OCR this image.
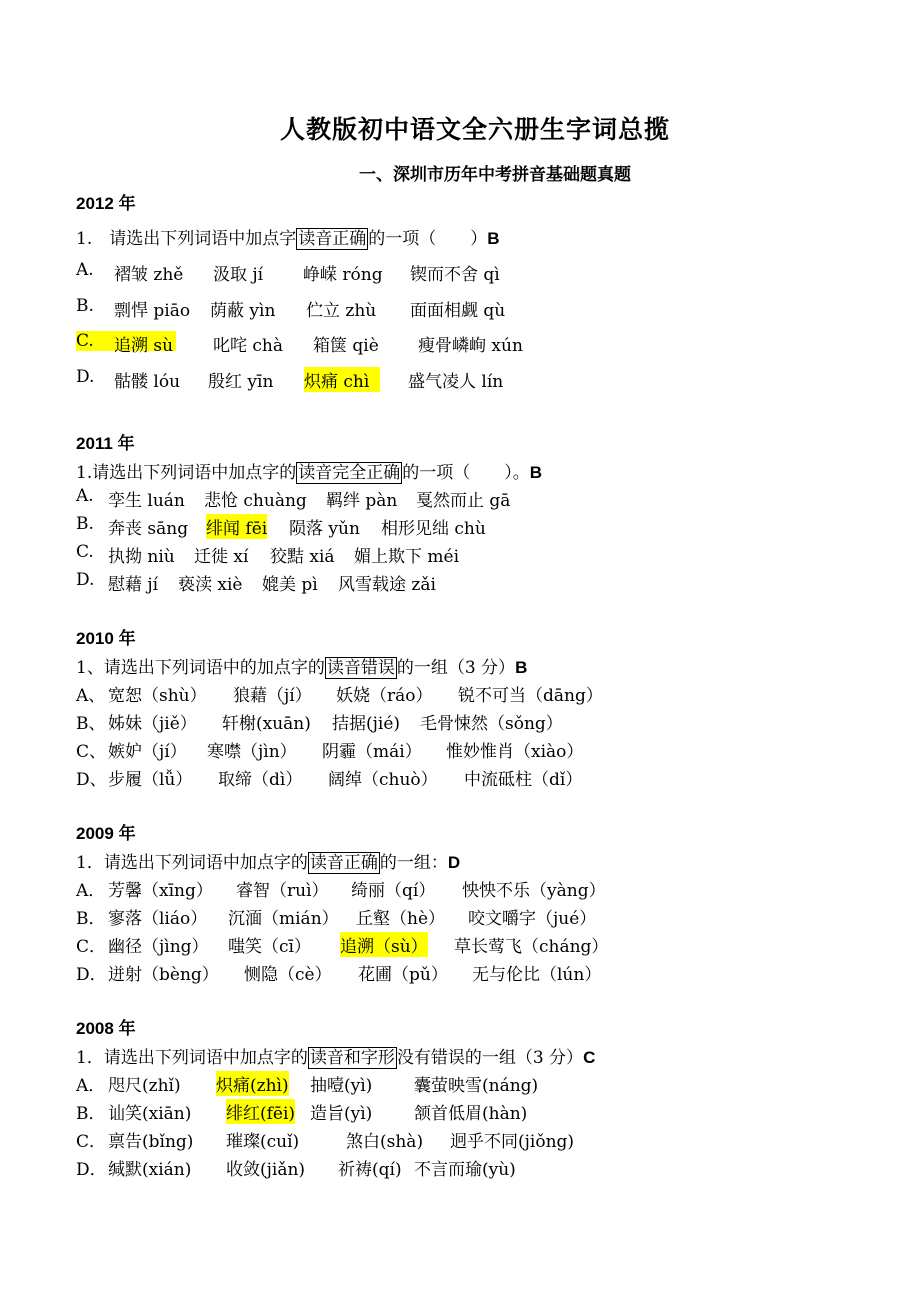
人教版初中语文全六册生字词总揽
一、深圳市历年中考拼音基础题真题
2012 年
1.　请选出下列词语中加点字 读音正确 的一项（　　）B
A. 褶皱 zhě 汲取 jí 峥嵘 róng 锲而不舍 qì
B. 剽悍 piāo 荫蔽 yìn 伫立 zhù 面面相觑 qù
C. 追溯 sù 叱咤 chà 箱箧 qiè 瘦骨嶙峋 xún
D. 骷髅 lóu 殷红 yīn 炽痛 chì	盛气凌人 lín
2011 年
1.请选出下列词语中加点字的 读音完全正确 的一项（　　）。B
A. 孪生 luán 悲怆 chuàng 羁绊 pàn 戛然而止 gā
B. 奔丧 sāng 绯闻 fēi 陨落 yǔn 相形见绌 chù
C. 执拗 niù 迁徙 xí 狡黠 xiá 媚上欺下 méi
D. 慰藉 jí 亵渎 xiè 媲美 pì 风雪载途 zǎi
2010 年
1、请选出下列词语中的加点字的 读音错误 的一组（3 分）B
A、 宽恕（shù） 狼藉（jí） 妖娆（ráo） 锐不可当（dāng）
B、 姊妹（jiě） 轩榭(xuān) 拮据(jié) 毛骨悚然（sǒng）
C、 嫉妒（jí） 寒噤（jìn） 阴霾（mái） 惟妙惟肖（xiào）
D、 步履（lǚ） 取缔（dì） 阔绰（chuò） 中流砥柱（dǐ）
2009 年
1．请选出下列词语中加点字的 读音正确 的一组：D
A． 芳馨（xīng） 睿智（ruì） 绮丽（qí） 怏怏不乐（yàng）
B． 寥落（liáo） 沉湎（mián） 丘壑（hè） 咬文嚼字（jué）
C． 幽径（jìng） 嗤笑（cī） 追溯（sù） 草长莺飞（cháng）
D． 迸射（bèng） 恻隐（cè） 花圃（pǔ） 无与伦比（lún）
2008 年
1．请选出下列词语中加点字的 读音和字形 没有错误的一组（3 分）C
A． 咫尺(zhǐ) 炽痛(zhì) 抽噎(yì) 囊萤映雪(náng)
B． 讪笑(xiān) 绯红(fēi) 造旨(yì) 颔首低眉(hàn)
C． 禀告(bǐng) 璀璨(cuǐ)	煞白(shà) 迥乎不同(jiǒng)
D． 缄默(xián) 收敛(jiǎn) 祈祷(qí) 不言而瑜(yù)
